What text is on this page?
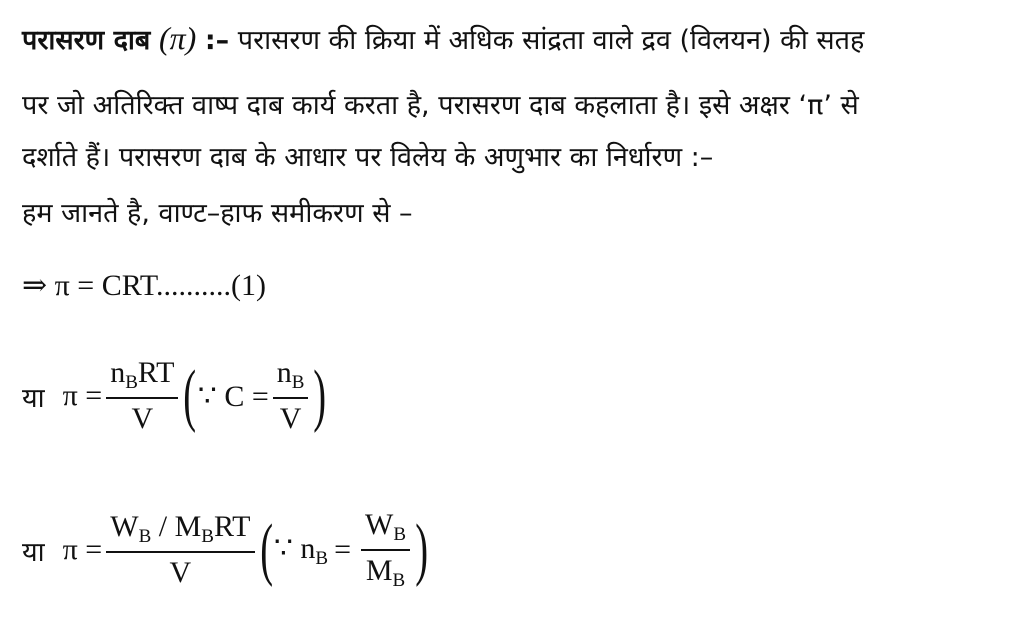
परासरण दाब (π) :– परासरण की क्रिया में अधिक सांद्रता वाले द्रव (विलयन) की सतह
पर जो अतिरिक्त वाष्प दाब कार्य करता है, परासरण दाब कहलाता है। इसे अक्षर ‘π’ से
दर्शाते हैं। परासरण दाब के आधार पर विलेय के अणुभार का निर्धारण :–
हम जानते है, वाण्ट–हाफ समीकरण से –
⇒ π = CRT..........(1)
या $\pi = \frac{n_BRT}{V}$ ( ∵ $C = \frac{n_B}{V}$ )
या $\pi = \frac{W_B / M_BRT}{V}$ ( ∵ $n_B = \frac{W_B}{M_B}$ )
